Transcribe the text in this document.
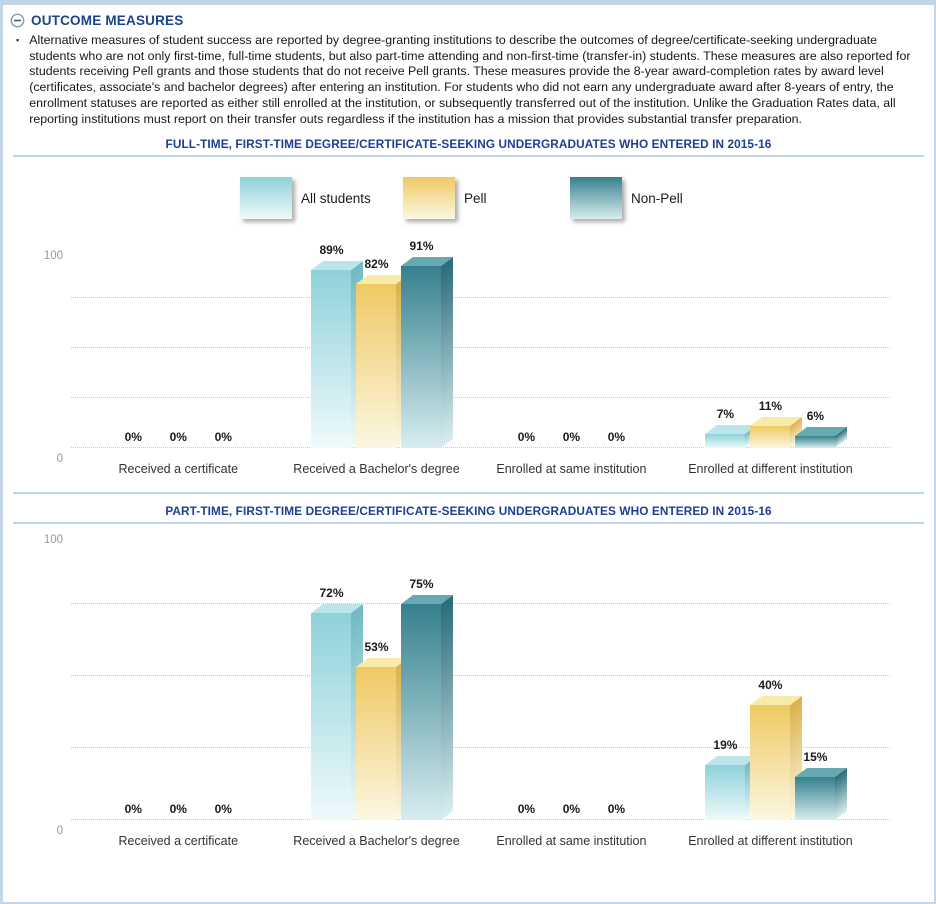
OUTCOME MEASURES
▪ Alternative measures of student success are reported by degree-granting institutions to describe the outcomes of degree/certificate-seeking undergraduate students who are not only first-time, full-time students, but also part-time attending and non-first-time (transfer-in) students. These measures are also reported for students receiving Pell grants and those students that do not receive Pell grants. These measures provide the 8-year award-completion rates by award level (certificates, associate's and bachelor degrees) after entering an institution. For students who did not earn any undergraduate award after 8-years of entry, the enrollment statuses are reported as either still enrolled at the institution, or subsequently transferred out of the institution. Unlike the Graduation Rates data, all reporting institutions must report on their transfer outs regardless if the institution has a mission that provides substantial transfer preparation.
FULL-TIME, FIRST-TIME DEGREE/CERTIFICATE-SEEKING UNDERGRADUATES WHO ENTERED IN 2015-16
All students	Pell	Non-Pell
100
0
0% 0% 0%
Received a certificate
89%
82%
91%
Received a Bachelor's degree
0% 0% 0%
Enrolled at same institution
7%
11%
6%
Enrolled at different institution
PART-TIME, FIRST-TIME DEGREE/CERTIFICATE-SEEKING UNDERGRADUATES WHO ENTERED IN 2015-16
100
0
0% 0% 0%
Received a certificate
72%
53%
75%
Received a Bachelor's degree
0% 0% 0%
Enrolled at same institution
19%
40%
15%
Enrolled at different institution
